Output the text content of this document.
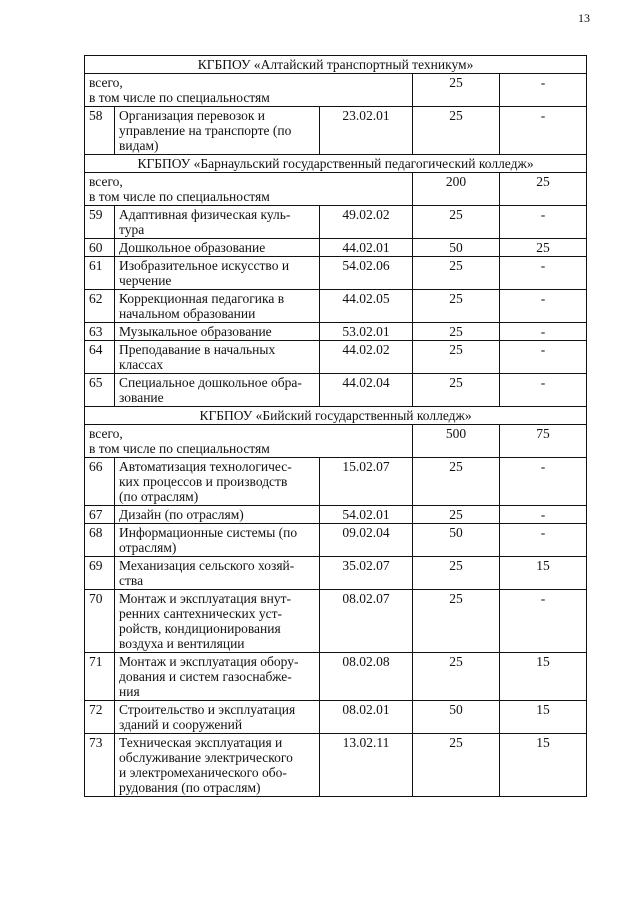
13
КГБПОУ «Алтайский транспортный техникум»				

всего,
в том числе по специальностям			25	-
58	Организация перевозок и
управление на транспорте (по
видам)	23.02.01	25	-
КГБПОУ «Барнаульский государственный педагогический колледж»				

всего,
в том числе по специальностям			200	25
59	Адаптивная физическая куль-
тура	49.02.02	25	-
60	Дошкольное образование	44.02.01	50	25
61	Изобразительное искусство и
черчение	54.02.06	25	-
62	Коррекционная педагогика в
начальном образовании	44.02.05	25	-
63	Музыкальное образование	53.02.01	25	-
64	Преподавание в начальных
классах	44.02.02	25	-
65	Специальное дошкольное обра-
зование	44.02.04	25	-
КГБПОУ «Бийский государственный колледж»				

всего,
в том числе по специальностям			500	75
66	Автоматизация технологичес-
ких процессов и производств
(по отраслям)	15.02.07	25	-
67	Дизайн (по отраслям)	54.02.01	25	-
68	Информационные системы (по
отраслям)	09.02.04	50	-
69	Механизация сельского хозяй-
ства	35.02.07	25	15
70	Монтаж и эксплуатация внут-
ренних сантехнических уст-
ройств, кондиционирования
воздуха и вентиляции	08.02.07	25	-
71	Монтаж и эксплуатация обору-
дования и систем газоснабже-
ния	08.02.08	25	15
72	Строительство и эксплуатация
зданий и сооружений	08.02.01	50	15
73	Техническая эксплуатация и
обслуживание электрического
и электромеханического обо-
рудования (по отраслям)	13.02.11	25	15
